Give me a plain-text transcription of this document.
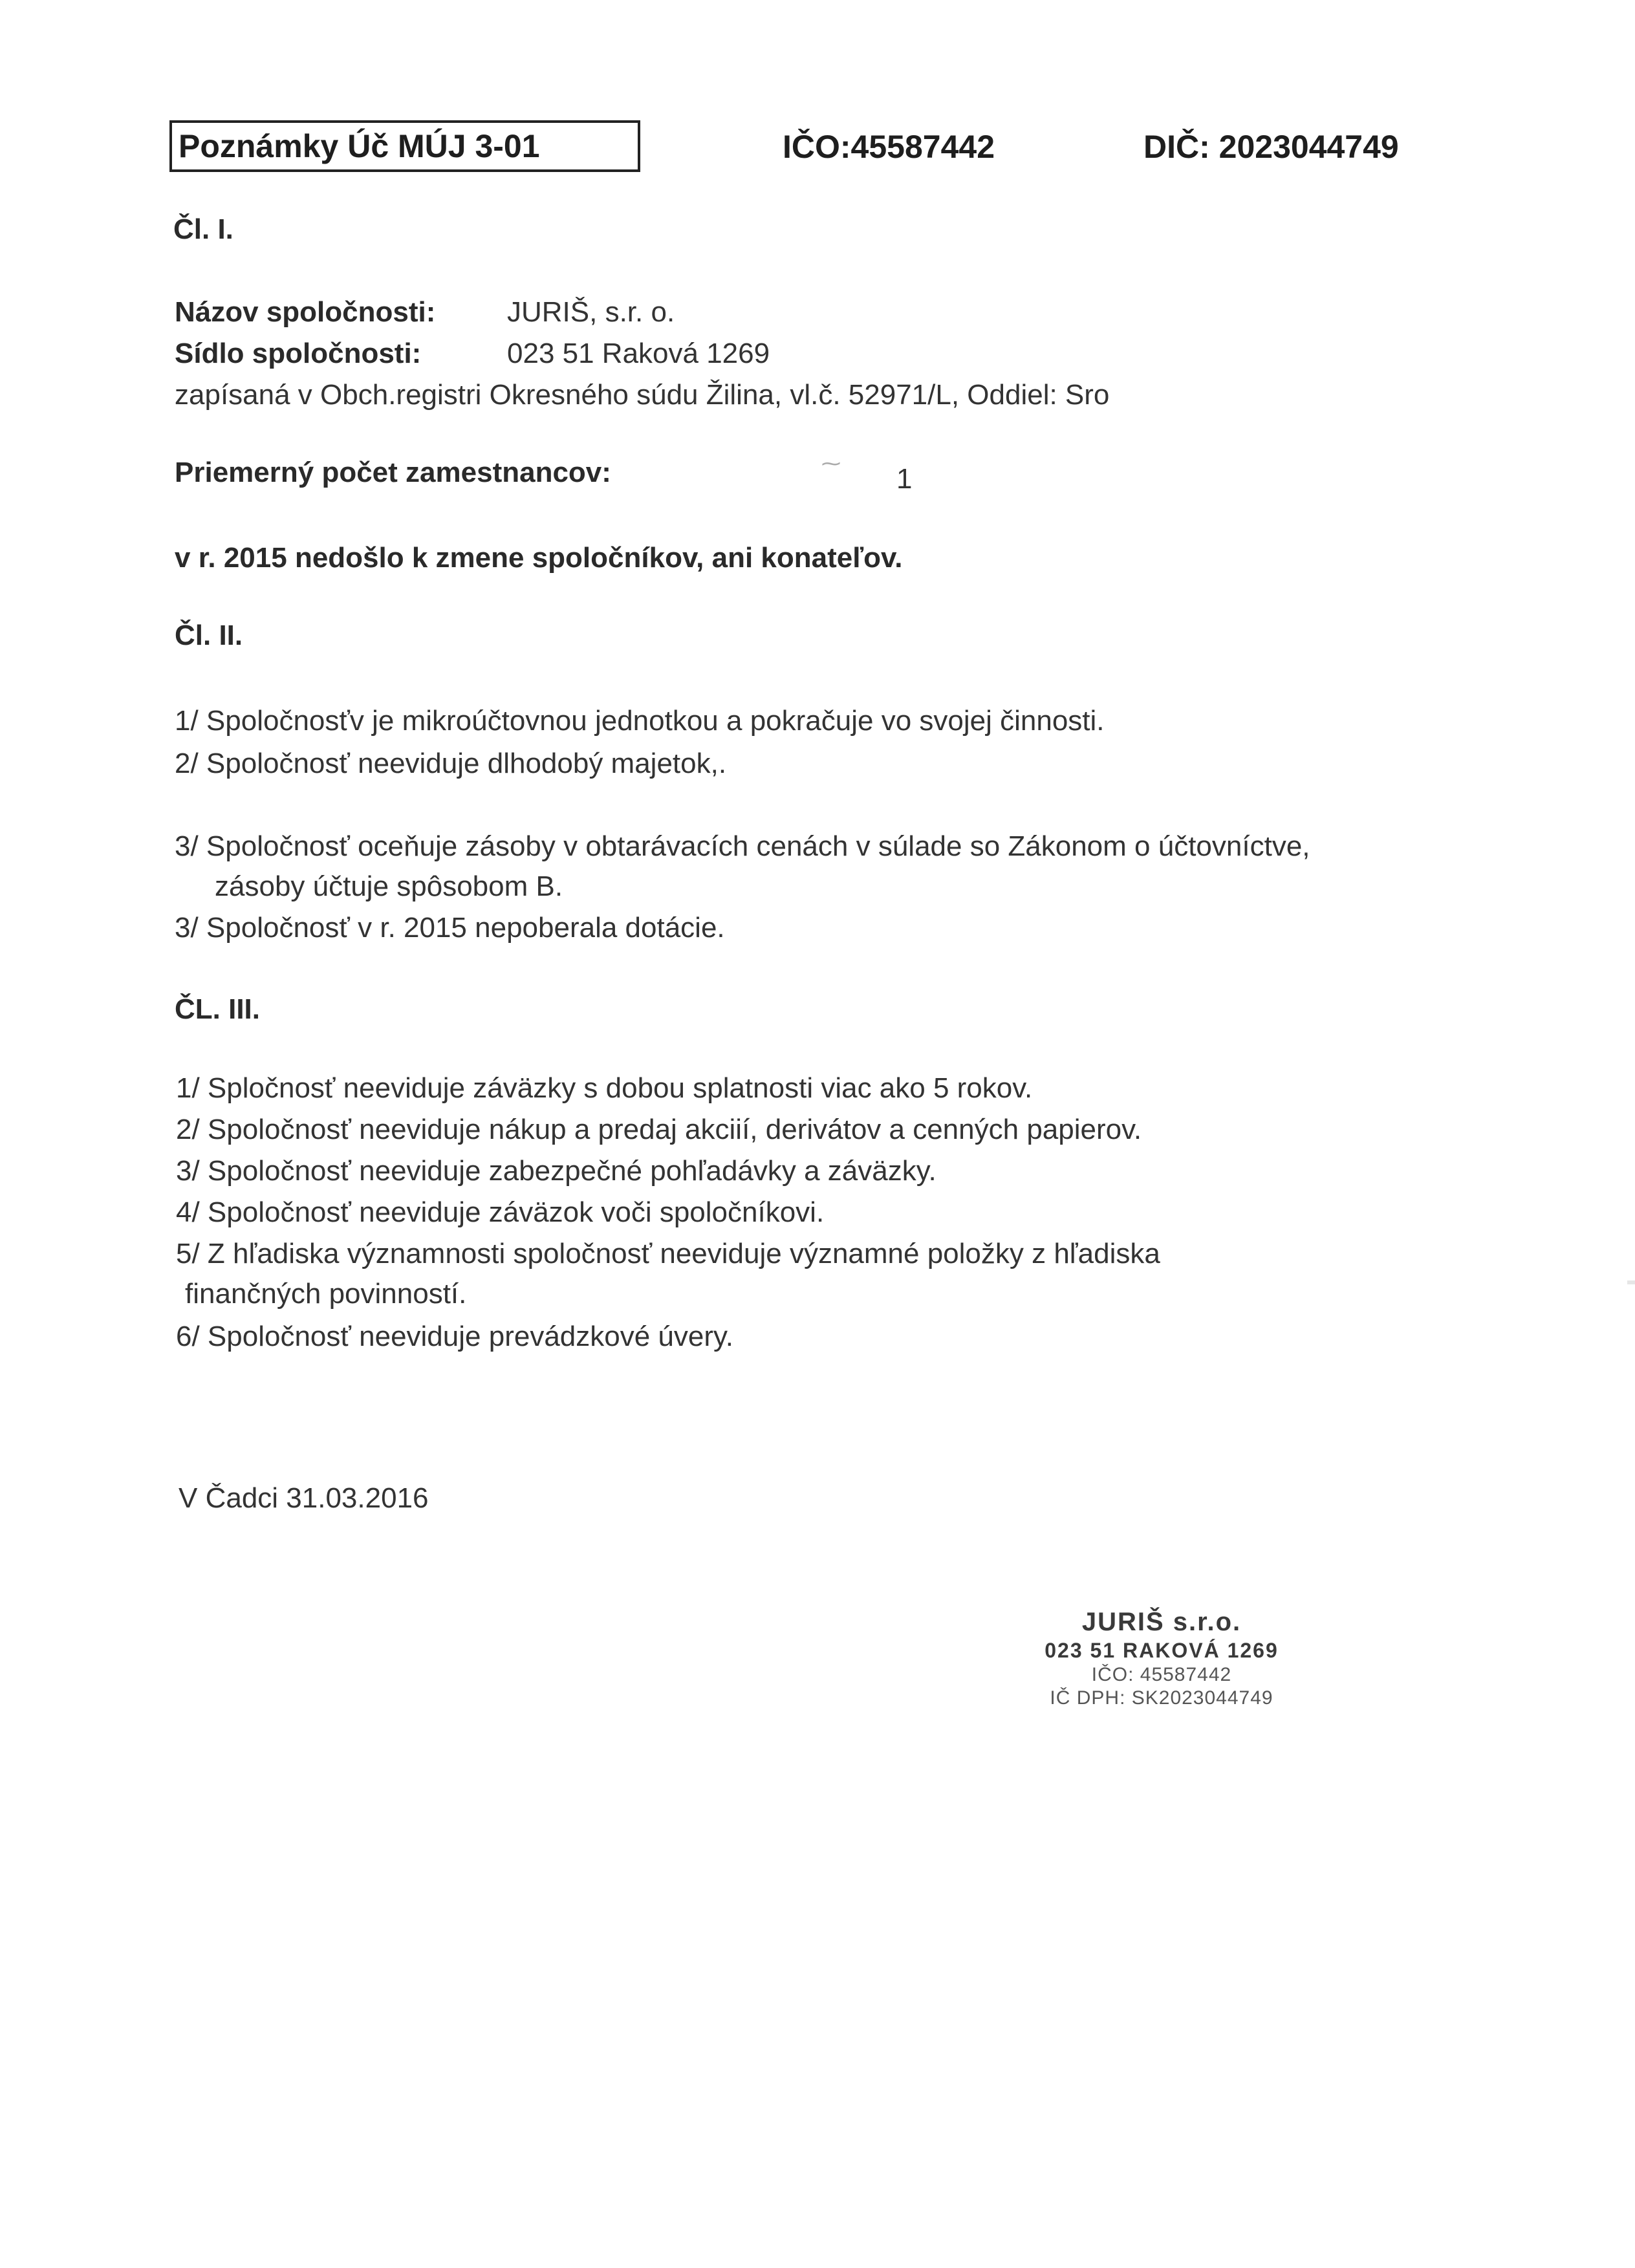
Poznámky Úč MÚJ 3-01	IČO:45587442	DIČ: 2023044749
Čl. I.
Názov spoločnosti:	JURIŠ, s.r. o.
Sídlo spoločnosti:	023 51 Raková 1269
zapísaná v Obch.registri Okresného súdu Žilina, vl.č. 52971/L, Oddiel: Sro
Priemerný počet zamestnancov:	⁓ 1
v r. 2015 nedošlo k zmene spoločníkov, ani konateľov.
Čl. II.
1/ Spoločnosťv je mikroúčtovnou jednotkou a pokračuje vo svojej činnosti.
2/ Spoločnosť neeviduje dlhodobý majetok,.
3/ Spoločnosť oceňuje zásoby v obtarávacích cenách v súlade so Zákonom o účtovníctve,
zásoby účtuje spôsobom B.
3/ Spoločnosť v r. 2015 nepoberala dotácie.
ČL. III.
1/ Spločnosť neeviduje záväzky s dobou splatnosti viac ako 5 rokov.
2/ Spoločnosť neeviduje nákup a predaj akciií, derivátov a cenných papierov.
3/ Spoločnosť neeviduje zabezpečné pohľadávky a záväzky.
4/ Spoločnosť neeviduje záväzok voči spoločníkovi.
5/ Z hľadiska významnosti spoločnosť neeviduje významné položky z hľadiska
finančných povinností.
6/ Spoločnosť neeviduje prevádzkové úvery.
V Čadci 31.03.2016
JURIŠ s.r.o.
023 51 RAKOVÁ 1269
IČO: 45587442
IČ DPH: SK2023044749
